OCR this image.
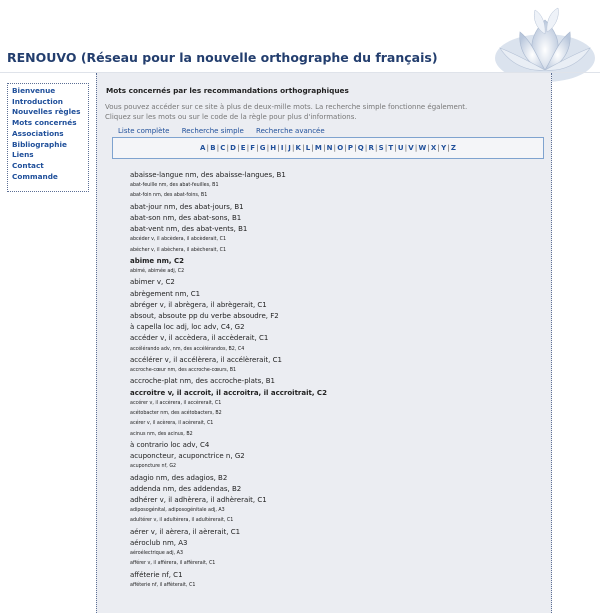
RENOUVO (Réseau pour la nouvelle orthographe du français)
Bienvenue
Introduction
Nouvelles règles
Mots concernés
Associations
Bibliographie
Liens
Contact
Commande
Mots concernés par les recommandations orthographiques

Vous pouvez accéder sur ce site à plus de deux-mille mots. La recherche simple fonctionne également.
Cliquez sur les mots ou sur le code de la règle pour plus d'informations.

Liste complète Recherche simple Recherche avancée
A|B|C|D|E|F|G|H|I|J|K|L|M|N|O|P|Q|R|S|T|U|V|W|X|Y|Z
abaisse-langue nm, des abaisse-langues, B1
abat-feuille nm, des abat-feuilles, B1
abat-foin nm, des abat-foins, B1
abat-jour nm, des abat-jours, B1
abat-son nm, des abat-sons, B1
abat-vent nm, des abat-vents, B1
abcéder v, il abcèdera, il abcèderait, C1
abécher v, il abèchera, il abècherait, C1
abime nm, C2
abimé, abimée adj, C2
abimer v, C2
abrègement nm, C1
abréger v, il abrègera, il abrègerait, C1
absout, absoute pp du verbe absoudre, F2
à capella loc adj, loc adv, C4, G2
accéder v, il accèdera, il accèderait, C1
accélérando adv, nm, des accélérandos, B2, C4
accélérer v, il accélèrera, il accélèrerait, C1
accroche-cœur nm, des accroche-cœurs, B1
accroche-plat nm, des accroche-plats, B1
accroitre v, il accroit, il accroitra, il accroitrait, C2
accérer v, il accèrera, il accèrerait, C1
acétobacter nm, des acétobacters, B2
acérer v, il acèrera, il acèrerait, C1
acinus nm, des acinus, B2
à contrario loc adv, C4
acuponcteur, acuponctrice n, G2
acuponcture nf, G2
adagio nm, des adagios, B2
addenda nm, des addendas, B2
adhérer v, il adhèrera, il adhèrerait, C1
adiposogénital, adiposogénitale adj, A3
adultérer v, il adultèrera, il adultèrerait, C1
aérer v, il aèrera, il aèrerait, C1
aéroclub nm, A3
aéroélectrique adj, A3
afférer v, il affèrera, il affèrerait, C1
afféterie nf, C1
afféterie nf, il affèterait, C1
